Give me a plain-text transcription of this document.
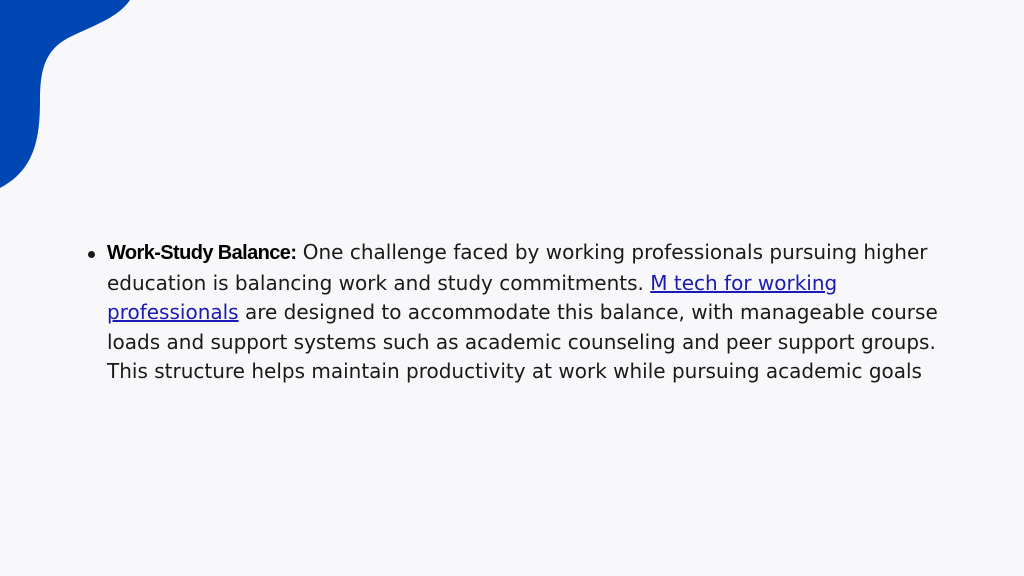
Work-Study Balance: One challenge faced by working professionals pursuing higher education is balancing work and study commitments. M tech for working professionals are designed to accommodate this balance, with manageable course loads and support systems such as academic counseling and peer support groups. This structure helps maintain productivity at work while pursuing academic goals
